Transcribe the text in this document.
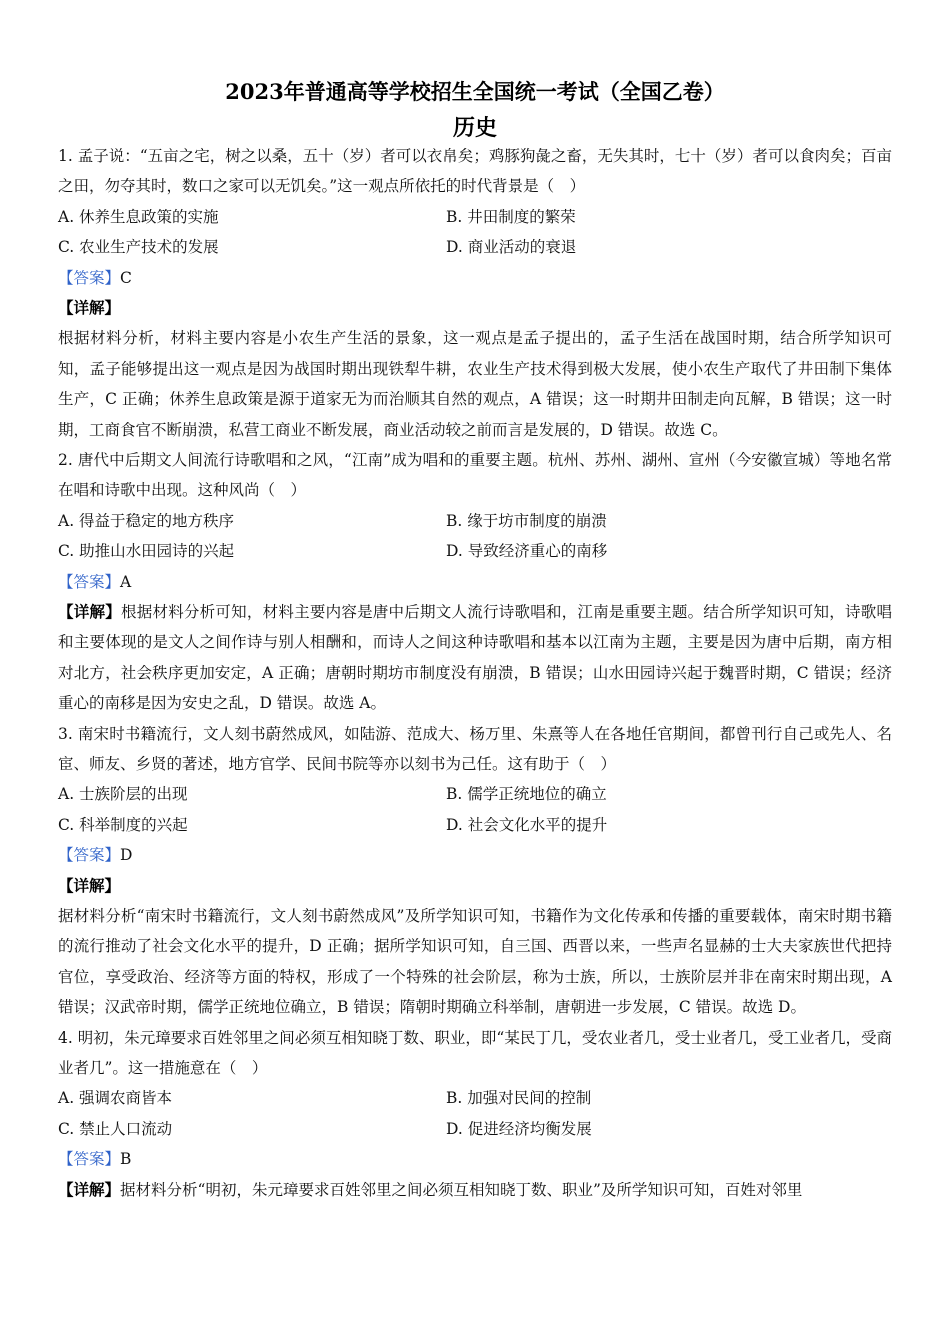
2023年普通高等学校招生全国统一考试（全国乙卷）
历史
1. 孟子说：“五亩之宅，树之以桑，五十（岁）者可以衣帛矣；鸡豚狗彘之畜，无失其时，七十（岁）者可以食肉矣；百亩之田，勿夺其时，数口之家可以无饥矣。”这一观点所依托的时代背景是（　）
A. 休养生息政策的实施	B. 井田制度的繁荣
C. 农业生产技术的发展	D. 商业活动的衰退
【答案】C
【详解】
根据材料分析，材料主要内容是小农生产生活的景象，这一观点是孟子提出的，孟子生活在战国时期，结合所学知识可知，孟子能够提出这一观点是因为战国时期出现铁犁牛耕，农业生产技术得到极大发展，使小农生产取代了井田制下集体生产，C 正确；休养生息政策是源于道家无为而治顺其自然的观点，A 错误；这一时期井田制走向瓦解，B 错误；这一时期，工商食官不断崩溃，私营工商业不断发展，商业活动较之前而言是发展的，D 错误。故选 C。
2. 唐代中后期文人间流行诗歌唱和之风，“江南”成为唱和的重要主题。杭州、苏州、湖州、宣州（今安徽宣城）等地名常在唱和诗歌中出现。这种风尚（　）
A. 得益于稳定的地方秩序	B. 缘于坊市制度的崩溃
C. 助推山水田园诗的兴起	D. 导致经济重心的南移
【答案】A
【详解】根据材料分析可知，材料主要内容是唐中后期文人流行诗歌唱和，江南是重要主题。结合所学知识可知，诗歌唱和主要体现的是文人之间作诗与别人相酬和，而诗人之间这种诗歌唱和基本以江南为主题，主要是因为唐中后期，南方相对北方，社会秩序更加安定，A 正确；唐朝时期坊市制度没有崩溃，B 错误；山水田园诗兴起于魏晋时期，C 错误；经济重心的南移是因为安史之乱，D 错误。故选 A。
3. 南宋时书籍流行，文人刻书蔚然成风，如陆游、范成大、杨万里、朱熹等人在各地任官期间，都曾刊行自己或先人、名宦、师友、乡贤的著述，地方官学、民间书院等亦以刻书为己任。这有助于（　）
A. 士族阶层的出现	B. 儒学正统地位的确立
C. 科举制度的兴起	D. 社会文化水平的提升
【答案】D
【详解】
据材料分析“南宋时书籍流行，文人刻书蔚然成风”及所学知识可知，书籍作为文化传承和传播的重要载体，南宋时期书籍的流行推动了社会文化水平的提升，D 正确；据所学知识可知，自三国、西晋以来，一些声名显赫的士大夫家族世代把持官位，享受政治、经济等方面的特权，形成了一个特殊的社会阶层，称为士族，所以，士族阶层并非在南宋时期出现，A 错误；汉武帝时期，儒学正统地位确立，B 错误；隋朝时期确立科举制，唐朝进一步发展，C 错误。故选 D。
4. 明初，朱元璋要求百姓邻里之间必须互相知晓丁数、职业，即“某民丁几，受农业者几，受士业者几，受工业者几，受商业者几”。这一措施意在（　）
A. 强调农商皆本	B. 加强对民间的控制
C. 禁止人口流动	D. 促进经济均衡发展
【答案】B
【详解】据材料分析“明初，朱元璋要求百姓邻里之间必须互相知晓丁数、职业”及所学知识可知，百姓对邻里
